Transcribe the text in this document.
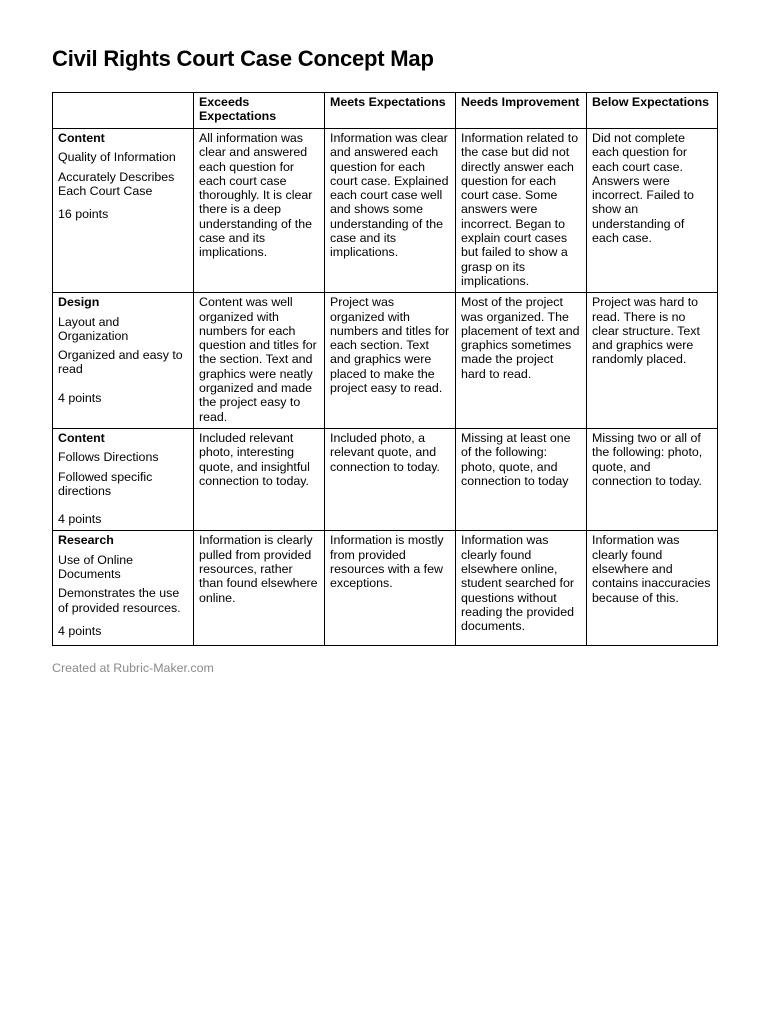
Civil Rights Court Case Concept Map
	Exceeds Expectations	Meets Expectations	Needs Improvement	Below Expectations

Content
Quality of Information
Accurately Describes Each Court Case
16 points	All information was clear and answered each question for each court case thoroughly. It is clear there is a deep understanding of the case and its implications.	Information was clear and answered each question for each court case. Explained each court case well and shows some understanding of the case and its implications.	Information related to the case but did not directly answer each question for each court case. Some answers were incorrect. Began to explain court cases but failed to show a grasp on its implications.	Did not complete each question for each court case. Answers were incorrect. Failed to show an understanding of each case.

Design
Layout and Organization
Organized and easy to read
4 points	Content was well organized with numbers for each question and titles for the section. Text and graphics were neatly organized and made the project easy to read.	Project was organized with numbers and titles for each section. Text and graphics were placed to make the project easy to read.	Most of the project was organized. The placement of text and graphics sometimes made the project hard to read.	Project was hard to read. There is no clear structure. Text and graphics were randomly placed.

Content
Follows Directions
Followed specific directions
4 points	Included relevant photo, interesting quote, and insightful connection to today.	Included photo, a relevant quote, and connection to today.	Missing at least one of the following: photo, quote, and connection to today	Missing two or all of the following: photo, quote, and connection to today.

Research
Use of Online Documents
Demonstrates the use of provided resources.
4 points	Information is clearly pulled from provided resources, rather than found elsewhere online.	Information is mostly from provided resources with a few exceptions.	Information was clearly found elsewhere online, student searched for questions without reading the provided documents.	Information was clearly found elsewhere and contains inaccuracies because of this.
Created at Rubric-Maker.com
